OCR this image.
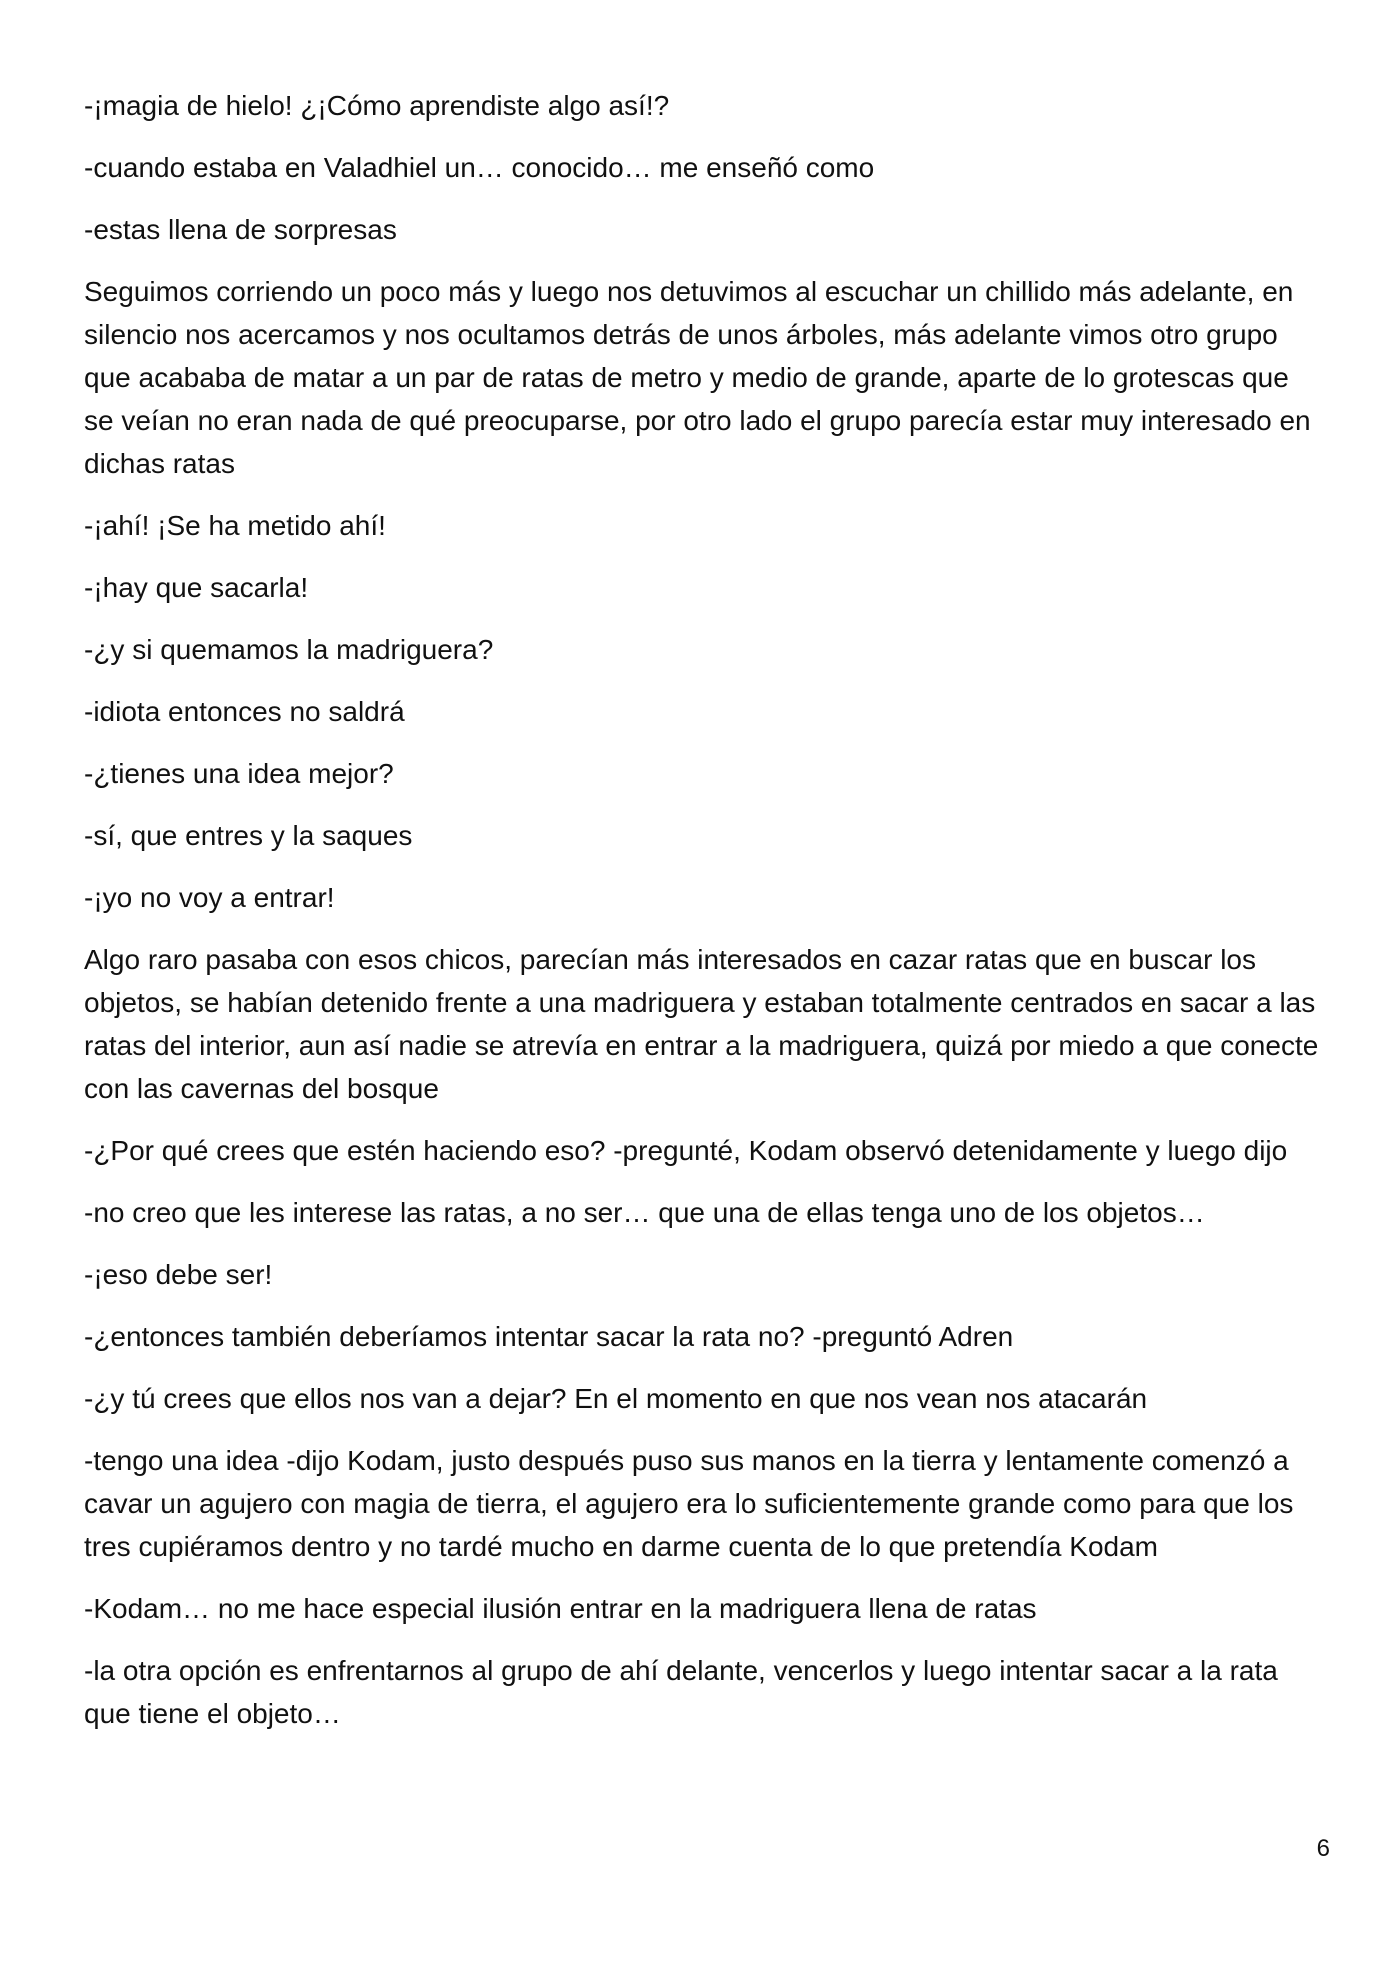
-¡magia de hielo! ¿¡Cómo aprendiste algo así!?

-cuando estaba en Valadhiel un… conocido… me enseñó como

-estas llena de sorpresas

Seguimos corriendo un poco más y luego nos detuvimos al escuchar un chillido más adelante, en silencio nos acercamos y nos ocultamos detrás de unos árboles, más adelante vimos otro grupo que acababa de matar a un par de ratas de metro y medio de grande, aparte de lo grotescas que se veían no eran nada de qué preocuparse, por otro lado el grupo parecía estar muy interesado en dichas ratas

-¡ahí! ¡Se ha metido ahí!

-¡hay que sacarla!

-¿y si quemamos la madriguera?

-idiota entonces no saldrá

-¿tienes una idea mejor?

-sí, que entres y la saques

-¡yo no voy a entrar!

Algo raro pasaba con esos chicos, parecían más interesados en cazar ratas que en buscar los objetos, se habían detenido frente a una madriguera y estaban totalmente centrados en sacar a las ratas del interior, aun así nadie se atrevía en entrar a la madriguera, quizá por miedo a que conecte con las cavernas del bosque

-¿Por qué crees que estén haciendo eso? -pregunté, Kodam observó detenidamente y luego dijo

-no creo que les interese las ratas, a no ser… que una de ellas tenga uno de los objetos…

-¡eso debe ser!

-¿entonces también deberíamos intentar sacar la rata no? -preguntó Adren

-¿y tú crees que ellos nos van a dejar? En el momento en que nos vean nos atacarán

-tengo una idea -dijo Kodam, justo después puso sus manos en la tierra y lentamente comenzó a cavar un agujero con magia de tierra, el agujero era lo suficientemente grande como para que los tres cupiéramos dentro y no tardé mucho en darme cuenta de lo que pretendía Kodam

-Kodam… no me hace especial ilusión entrar en la madriguera llena de ratas

-la otra opción es enfrentarnos al grupo de ahí delante, vencerlos y luego intentar sacar a la rata que tiene el objeto…

6
